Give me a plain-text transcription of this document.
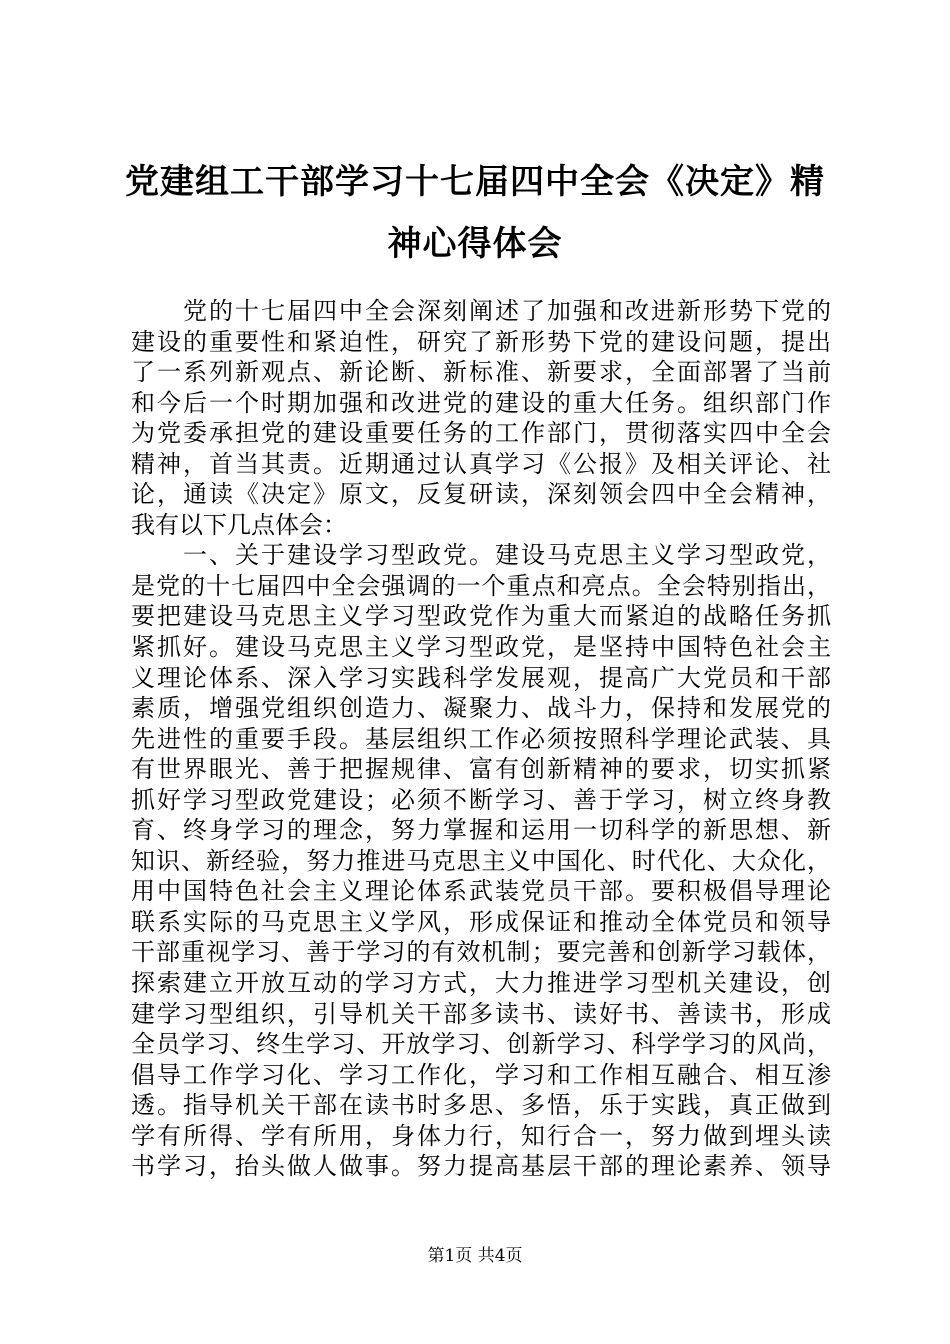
党建组工干部学习十七届四中全会《决定》精
神心得体会
　　党的十七届四中全会深刻阐述了加强和改进新形势下党的
建设的重要性和紧迫性，研究了新形势下党的建设问题，提出
了一系列新观点、新论断、新标准、新要求，全面部署了当前
和今后一个时期加强和改进党的建设的重大任务。组织部门作
为党委承担党的建设重要任务的工作部门，贯彻落实四中全会
精神，首当其责。近期通过认真学习《公报》及相关评论、社
论，通读《决定》原文，反复研读，深刻领会四中全会精神，
我有以下几点体会：
　　一、关于建设学习型政党。建设马克思主义学习型政党，
是党的十七届四中全会强调的一个重点和亮点。全会特别指出，
要把建设马克思主义学习型政党作为重大而紧迫的战略任务抓
紧抓好。建设马克思主义学习型政党，是坚持中国特色社会主
义理论体系、深入学习实践科学发展观，提高广大党员和干部
素质，增强党组织创造力、凝聚力、战斗力，保持和发展党的
先进性的重要手段。基层组织工作必须按照科学理论武装、具
有世界眼光、善于把握规律、富有创新精神的要求，切实抓紧
抓好学习型政党建设；必须不断学习、善于学习，树立终身教
育、终身学习的理念，努力掌握和运用一切科学的新思想、新
知识、新经验，努力推进马克思主义中国化、时代化、大众化，
用中国特色社会主义理论体系武装党员干部。要积极倡导理论
联系实际的马克思主义学风，形成保证和推动全体党员和领导
干部重视学习、善于学习的有效机制；要完善和创新学习载体，
探索建立开放互动的学习方式，大力推进学习型机关建设，创
建学习型组织，引导机关干部多读书、读好书、善读书，形成
全员学习、终生学习、开放学习、创新学习、科学学习的风尚，
倡导工作学习化、学习工作化，学习和工作相互融合、相互渗
透。指导机关干部在读书时多思、多悟，乐于实践，真正做到
学有所得、学有所用，身体力行，知行合一，努力做到埋头读
书学习，抬头做人做事。努力提高基层干部的理论素养、领导
第1页 共4页
